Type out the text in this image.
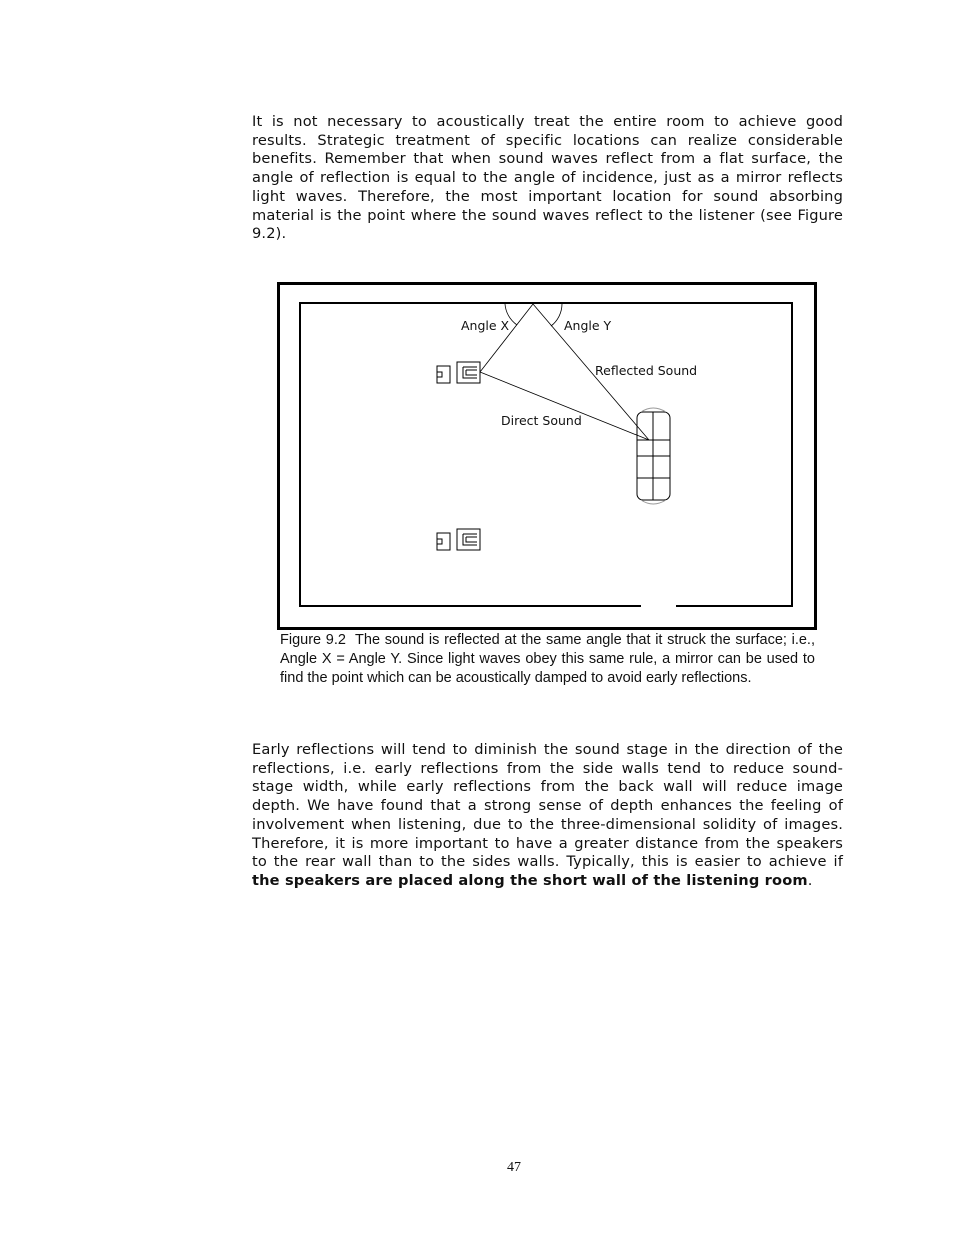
It is not necessary to acoustically treat the entire room to achieve good results. Strategic treatment of specific locations can realize considerable benefits. Remember that when sound waves reflect from a flat surface, the angle of reflection is equal to the angle of incidence, just as a mirror reflects light waves. Therefore, the most important location for sound absorbing material is the point where the sound waves reflect to the listener (see Figure 9.2).
Angle X	Angle Y
Reflected Sound
Direct Sound
Figure 9.2  The sound is reflected at the same angle that it struck the surface; i.e., Angle X = Angle Y. Since light waves obey this same rule, a mirror can be used to find the point which can be acoustically damped to avoid early reflections.
Early reflections will tend to diminish the sound stage in the direction of the reflections, i.e. early reflections from the side walls tend to reduce sound-stage width, while early reflections from the back wall will reduce image depth. We have found that a strong sense of depth enhances the feeling of involvement when listening, due to the three-dimensional solidity of images. Therefore, it is more important to have a greater distance from the speakers to the rear wall than to the sides walls. Typically, this is easier to achieve if the speakers are placed along the short wall of the listening room.
47
